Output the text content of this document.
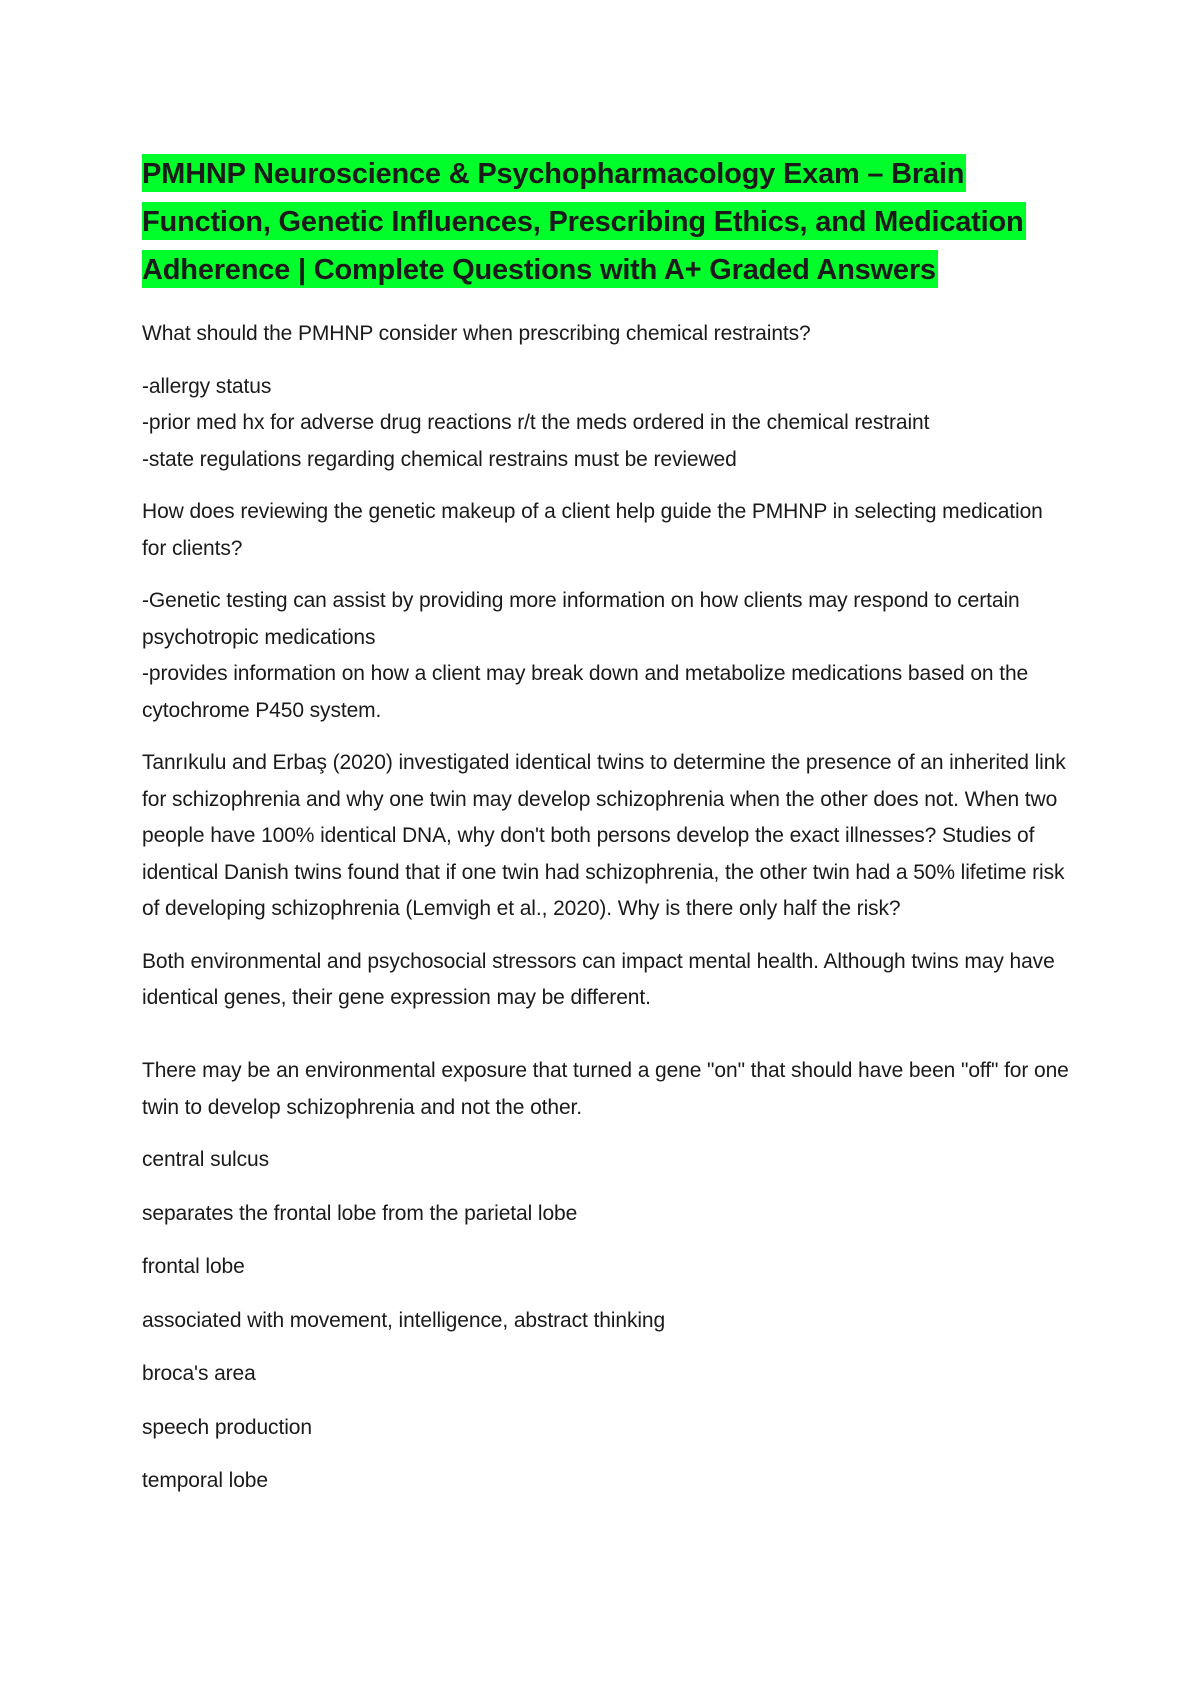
PMHNP Neuroscience & Psychopharmacology Exam – Brain Function, Genetic Influences, Prescribing Ethics, and Medication Adherence | Complete Questions with A+ Graded Answers

What should the PMHNP consider when prescribing chemical restraints?

-allergy status
-prior med hx for adverse drug reactions r/t the meds ordered in the chemical restraint
-state regulations regarding chemical restrains must be reviewed

How does reviewing the genetic makeup of a client help guide the PMHNP in selecting medication for clients?

-Genetic testing can assist by providing more information on how clients may respond to certain psychotropic medications
-provides information on how a client may break down and metabolize medications based on the cytochrome P450 system.

Tanrıkulu and Erbaş (2020) investigated identical twins to determine the presence of an inherited link for schizophrenia and why one twin may develop schizophrenia when the other does not. When two people have 100% identical DNA, why don't both persons develop the exact illnesses? Studies of identical Danish twins found that if one twin had schizophrenia, the other twin had a 50% lifetime risk of developing schizophrenia (Lemvigh et al., 2020). Why is there only half the risk?

Both environmental and psychosocial stressors can impact mental health. Although twins may have identical genes, their gene expression may be different.

There may be an environmental exposure that turned a gene "on" that should have been "off" for one twin to develop schizophrenia and not the other.

central sulcus

separates the frontal lobe from the parietal lobe

frontal lobe

associated with movement, intelligence, abstract thinking

broca's area

speech production

temporal lobe
